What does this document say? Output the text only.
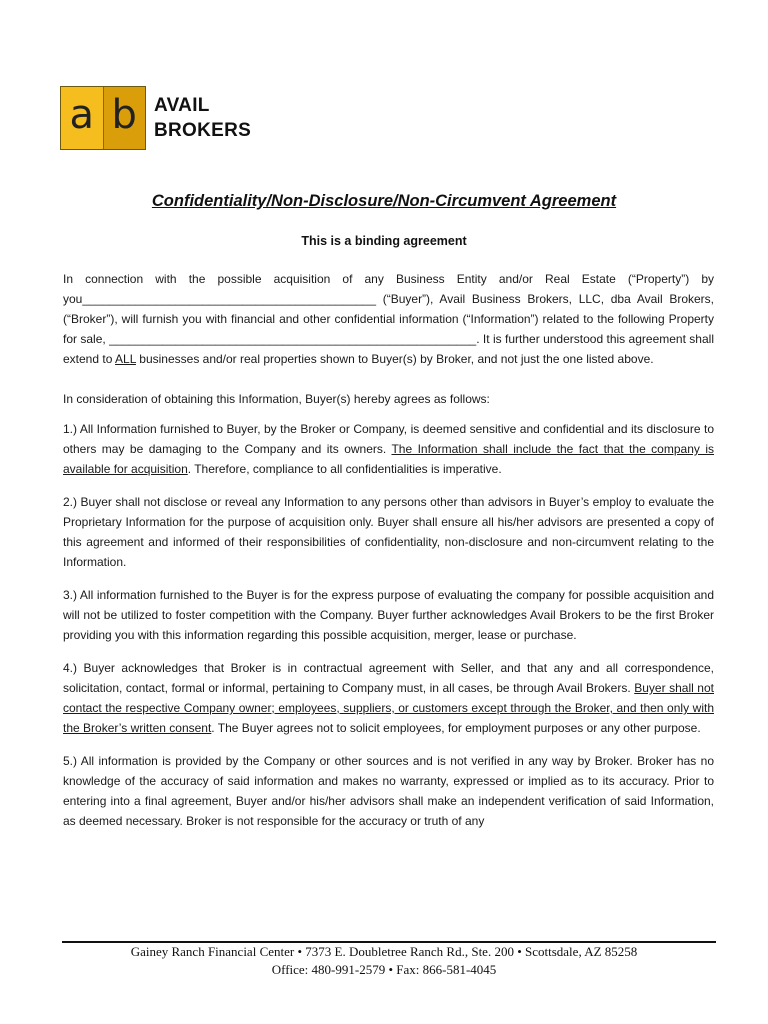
a b AVAIL
BROKERS
Confidentiality/Non-Disclosure/Non-Circumvent Agreement
This is a binding agreement

In connection with the possible acquisition of any Business Entity and/or Real Estate (“Property”) by you____________________________________________ (“Buyer”), Avail Business Brokers, LLC, dba Avail Brokers, (“Broker”), will furnish you with financial and other confidential information (“Information”) related to the following Property for sale, _______________________________________________________. It is further understood this agreement shall extend to ALL businesses and/or real properties shown to Buyer(s) by Broker, and not just the one listed above.

In consideration of obtaining this Information, Buyer(s) hereby agrees as follows:

1.) All Information furnished to Buyer, by the Broker or Company, is deemed sensitive and confidential and its disclosure to others may be damaging to the Company and its owners. The Information shall include the fact that the company is available for acquisition. Therefore, compliance to all confidentialities is imperative.

2.) Buyer shall not disclose or reveal any Information to any persons other than advisors in Buyer’s employ to evaluate the Proprietary Information for the purpose of acquisition only. Buyer shall ensure all his/her advisors are presented a copy of this agreement and informed of their responsibilities of confidentiality, non-disclosure and non-circumvent relating to the Information.

3.) All information furnished to the Buyer is for the express purpose of evaluating the company for possible acquisition and will not be utilized to foster competition with the Company. Buyer further acknowledges Avail Brokers to be the first Broker providing you with this information regarding this possible acquisition, merger, lease or purchase.

4.) Buyer acknowledges that Broker is in contractual agreement with Seller, and that any and all correspondence, solicitation, contact, formal or informal, pertaining to Company must, in all cases, be through Avail Brokers. Buyer shall not contact the respective Company owner; employees, suppliers, or customers except through the Broker, and then only with the Broker’s written consent. The Buyer agrees not to solicit employees, for employment purposes or any other purpose.

5.) All information is provided by the Company or other sources and is not verified in any way by Broker. Broker has no knowledge of the accuracy of said information and makes no warranty, expressed or implied as to its accuracy. Prior to entering into a final agreement, Buyer and/or his/her advisors shall make an independent verification of said Information, as deemed necessary. Broker is not responsible for the accuracy or truth of any

Gainey Ranch Financial Center • 7373 E. Doubletree Ranch Rd., Ste. 200 • Scottsdale, AZ 85258
Office: 480-991-2579 • Fax: 866-581-4045
